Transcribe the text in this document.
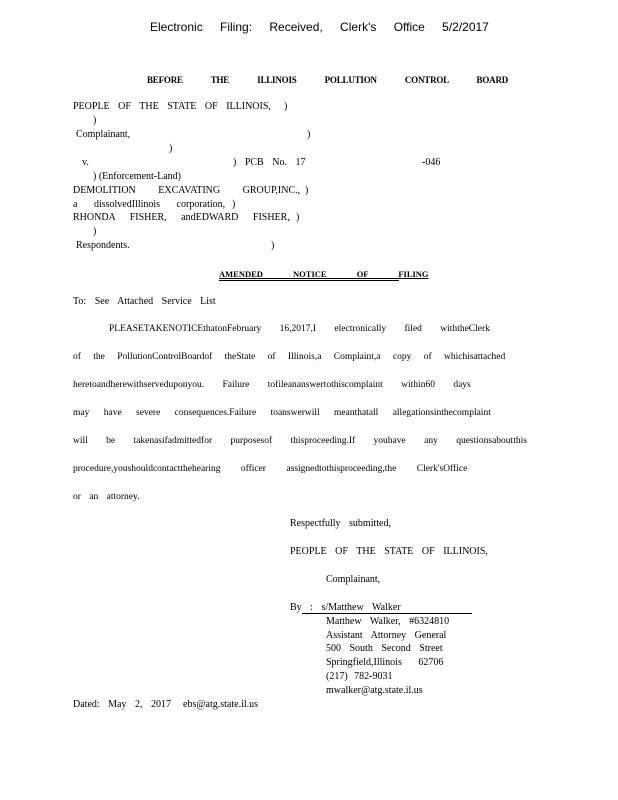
Electronic Filing: Received, Clerk's Office 5/2/2017
BEFORE THE ILLINOIS POLLUTION CONTROL BOARD
PEOPLE OF THE STATE OF ILLINOIS, )
)
Complainant,	)
)
v.	) PCB No. 17	-046
) (Enforcement-Land)
DEMOLITION EXCAVATING GROUP,INC., )
a dissolvedIllinois corporation, )
RHONDA FISHER, andEDWARD FISHER, )
)
Respondents.	)
AMENDED NOTICE OF FILING
To: See Attached Service List
PLEASETAKENOTICEthatonFebruary 16,2017,I electronically filed withtheClerk
of the PollutionControlBoardof theState of Illinois,a Complaint,a copy of whichisattached
heretoandherewithserveduponyou. Failure tofileananswertothiscomplaint within60 days
may have severe consequences.Failure toanswerwill meanthatall allegationsinthecomplaint
will be takenasifadmittedfor purposesof thisproceeding.If youhave any questionsaboutthis
procedure,youshouldcontactthehearing officer assignedtothisproceeding,the Clerk'sOffice
or an attorney.
Respectfully submitted,
PEOPLE OF THE STATE OF ILLINOIS,
Complainant,
By : s/Matthew Walker
Matthew Walker, #6324810
Assistant Attorney General
500 South Second Street
Springfield,Illinois 62706
(217) 782-9031
mwalker@atg.state.il.us
Dated: May 2, 2017 ebs@atg.state.il.us
